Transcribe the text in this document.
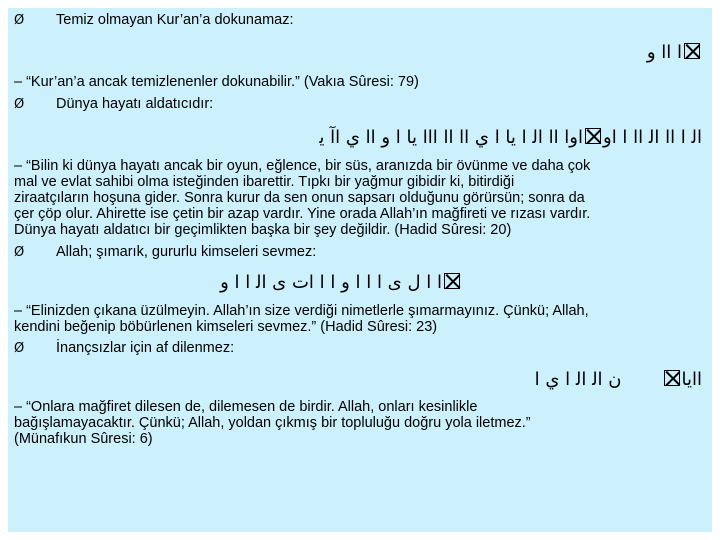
Ø Temiz olmayan Kur’an’a dokunamaz:
ا اا و
– “Kur’an’a ancak temizlenenler dokunabilir.” (Vakıa Sûresi: 79)
Ø Dünya hayatı aldatıcıdır:
اﻟ ا اا اﻟ اا ا اواوا اا اﻟ ا يا ا ي اا اا ااا يا ا و اا ي اآ ﻳ
– “Bilin ki dünya hayatı ancak bir oyun, eğlence, bir süs, aranızda bir övünme ve daha çok
mal ve evlat sahibi olma isteğinden ibarettir. Tıpkı bir yağmur gibidir ki, bitirdiği
ziraatçıların hoşuna gider. Sonra kurur da sen onun sapsarı olduğunu görürsün; sonra da
çer çöp olur. Ahirette ise çetin bir azap vardır. Yine orada Allah’ın mağfireti ve rızası vardır.
Dünya hayatı aldatıcı bir geçimlikten başka bir şey değildir. (Hadid Sûresi: 20)
Ø Allah; şımarık, gururlu kimseleri sevmez:
ا ا ل ى ا ا ا و ا ا ات ى اﻟ ا ا و
– “Elinizden çıkana üzülmeyin. Allah’ın size verdiği nimetlerle şımarmayınız. Çünkü; Allah,
kendini beğenip böbürlenen kimseleri sevmez.” (Hadid Sûresi: 23)
Ø İnançsızlar için af dilenmez:
اايان اﻟ اﻟ ا ي ا
– “Onlara mağfiret dilesen de, dilemesen de birdir. Allah, onları kesinlikle
bağışlamayacaktır. Çünkü; Allah, yoldan çıkmış bir topluluğu doğru yola iletmez.”
(Münafıkun Sûresi: 6)
